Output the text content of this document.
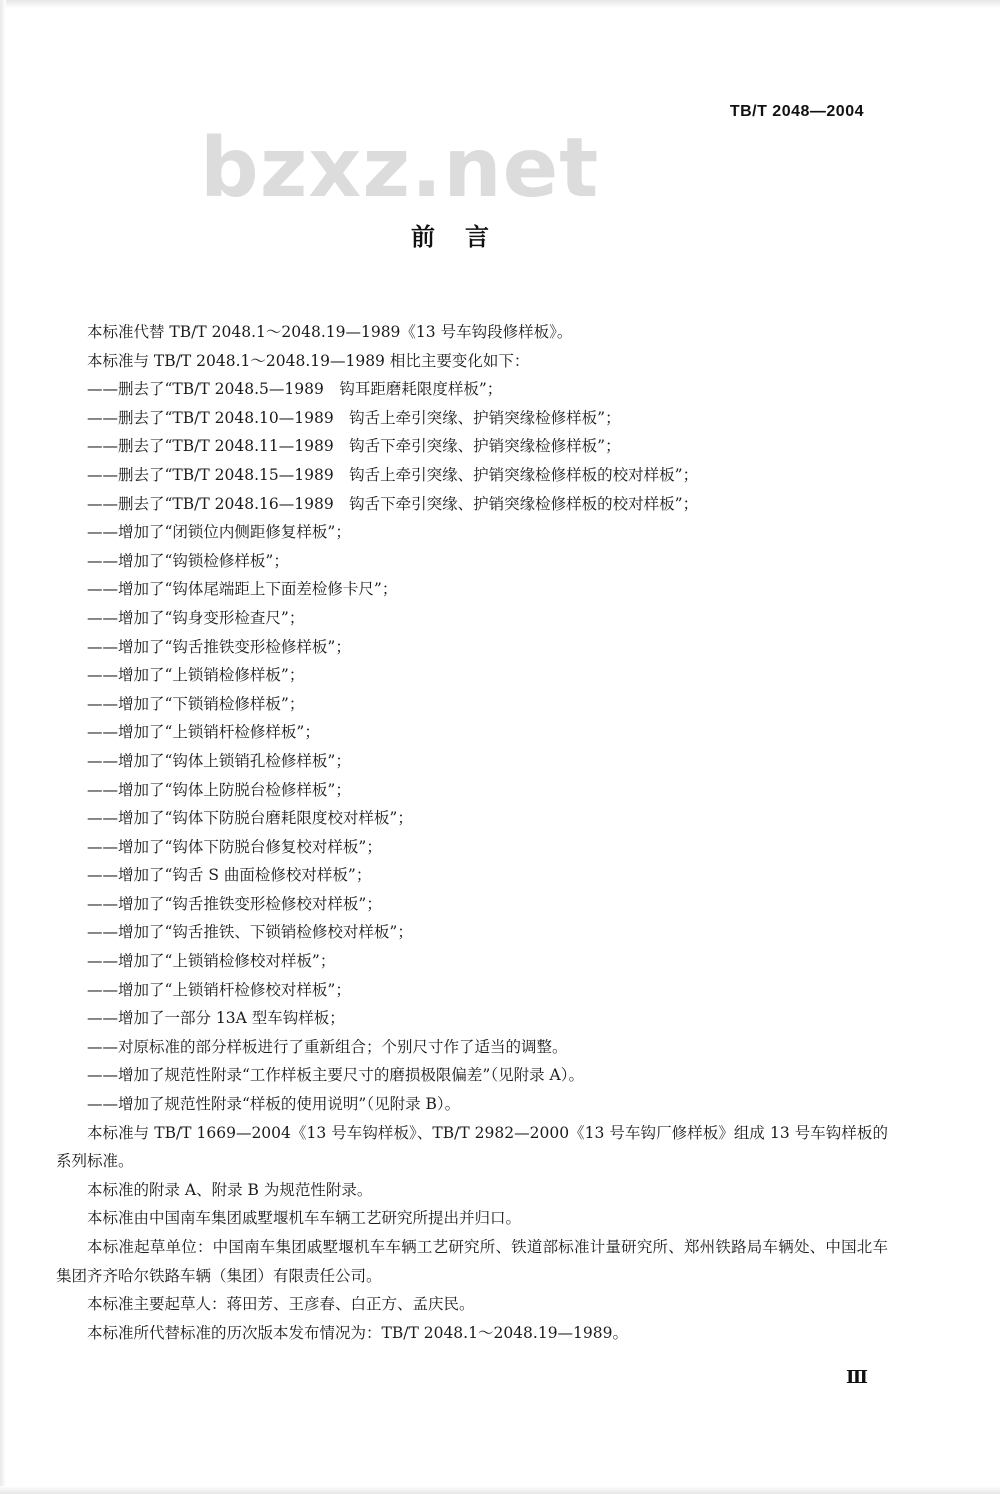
TB/T 2048—2004
bzxz.net
前言

本标准代替 TB/T 2048.1～2048.19—1989《13 号车钩段修样板》。

本标准与 TB/T 2048.1～2048.19—1989 相比主要变化如下：

——删去了“TB/T 2048.5—1989　钩耳距磨耗限度样板”；

——删去了“TB/T 2048.10—1989　钩舌上牵引突缘、护销突缘检修样板”；

——删去了“TB/T 2048.11—1989　钩舌下牵引突缘、护销突缘检修样板”；

——删去了“TB/T 2048.15—1989　钩舌上牵引突缘、护销突缘检修样板的校对样板”；

——删去了“TB/T 2048.16—1989　钩舌下牵引突缘、护销突缘检修样板的校对样板”；

——增加了“闭锁位内侧距修复样板”；

——增加了“钩锁检修样板”；

——增加了“钩体尾端距上下面差检修卡尺”；

——增加了“钩身变形检查尺”；

——增加了“钩舌推铁变形检修样板”；

——增加了“上锁销检修样板”；

——增加了“下锁销检修样板”；

——增加了“上锁销杆检修样板”；

——增加了“钩体上锁销孔检修样板”；

——增加了“钩体上防脱台检修样板”；

——增加了“钩体下防脱台磨耗限度校对样板”；

——增加了“钩体下防脱台修复校对样板”；

——增加了“钩舌 S 曲面检修校对样板”；

——增加了“钩舌推铁变形检修校对样板”；

——增加了“钩舌推铁、下锁销检修校对样板”；

——增加了“上锁销检修校对样板”；

——增加了“上锁销杆检修校对样板”；

——增加了一部分 13A 型车钩样板；

——对原标准的部分样板进行了重新组合；个别尺寸作了适当的调整。

——增加了规范性附录“工作样板主要尺寸的磨损极限偏差”（见附录 A）。

——增加了规范性附录“样板的使用说明”（见附录 B）。

本标准与 TB/T 1669—2004《13 号车钩样板》、TB/T 2982—2000《13 号车钩厂修样板》组成 13 号车钩样板的系列标准。

本标准的附录 A、附录 B 为规范性附录。

本标准由中国南车集团戚墅堰机车车辆工艺研究所提出并归口。

本标准起草单位：中国南车集团戚墅堰机车车辆工艺研究所、铁道部标准计量研究所、郑州铁路局车辆处、中国北车集团齐齐哈尔铁路车辆（集团）有限责任公司。

本标准主要起草人：蒋田芳、王彦春、白正方、孟庆民。

本标准所代替标准的历次版本发布情况为：TB/T 2048.1～2048.19—1989。

Ⅲ
